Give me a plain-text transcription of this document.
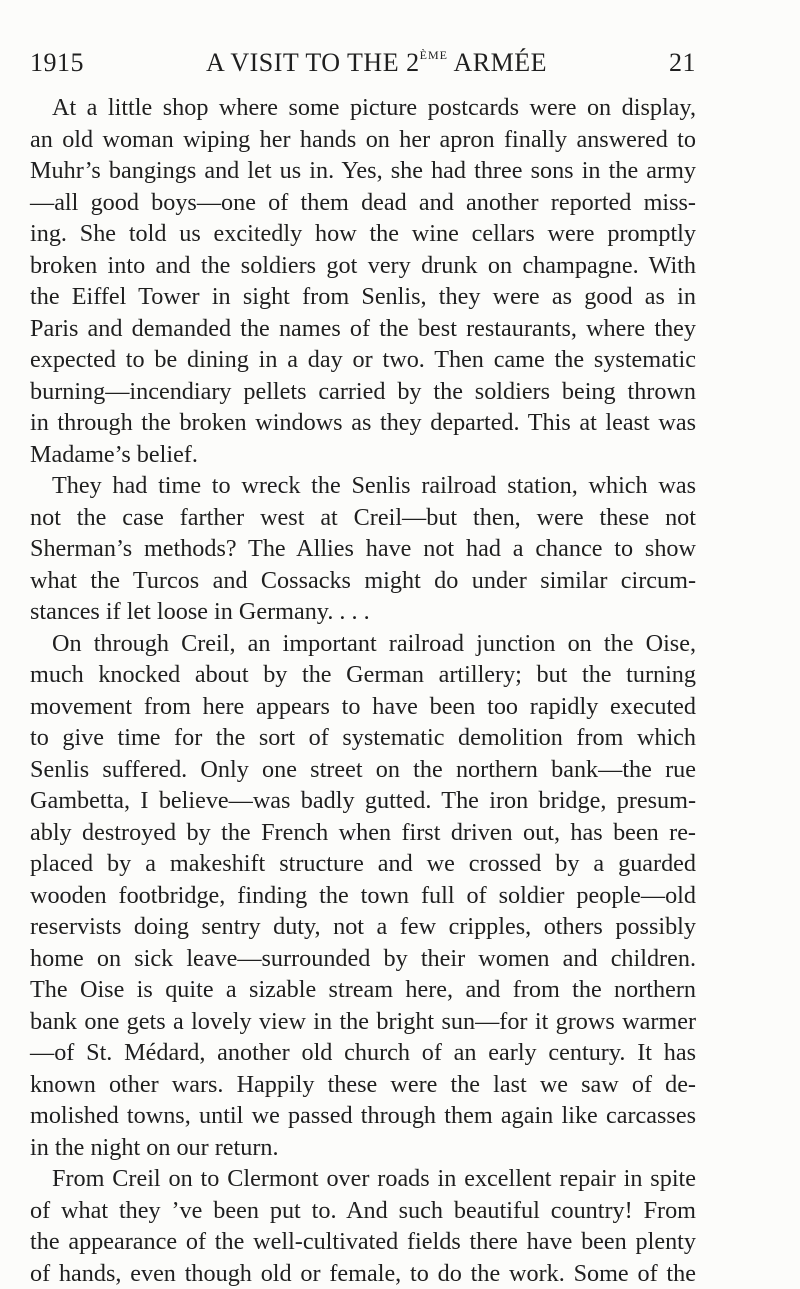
1915	A VISIT TO THE 2ÈME ARMÉE	21

At a little shop where some picture postcards were on display,

an old woman wiping her hands on her apron finally answered to

Muhr’s bangings and let us in. Yes, she had three sons in the army

—all good boys—one of them dead and another reported miss-

ing. She told us excitedly how the wine cellars were promptly

broken into and the soldiers got very drunk on champagne. With

the Eiffel Tower in sight from Senlis, they were as good as in

Paris and demanded the names of the best restaurants, where they

expected to be dining in a day or two. Then came the systematic

burning—incendiary pellets carried by the soldiers being thrown

in through the broken windows as they departed. This at least was

Madame’s belief.

They had time to wreck the Senlis railroad station, which was

not the case farther west at Creil—but then, were these not

Sherman’s methods? The Allies have not had a chance to show

what the Turcos and Cossacks might do under similar circum-

stances if let loose in Germany. . . .

On through Creil, an important railroad junction on the Oise,

much knocked about by the German artillery; but the turning

movement from here appears to have been too rapidly executed

to give time for the sort of systematic demolition from which

Senlis suffered. Only one street on the northern bank—the rue

Gambetta, I believe—was badly gutted. The iron bridge, presum-

ably destroyed by the French when first driven out, has been re-

placed by a makeshift structure and we crossed by a guarded

wooden footbridge, finding the town full of soldier people—old

reservists doing sentry duty, not a few cripples, others possibly

home on sick leave—surrounded by their women and children.

The Oise is quite a sizable stream here, and from the northern

bank one gets a lovely view in the bright sun—for it grows warmer

—of St. Médard, another old church of an early century. It has

known other wars. Happily these were the last we saw of de-

molished towns, until we passed through them again like carcasses

in the night on our return.

From Creil on to Clermont over roads in excellent repair in spite

of what they ’ve been put to. And such beautiful country! From

the appearance of the well-cultivated fields there have been plenty

of hands, even though old or female, to do the work. Some of the
